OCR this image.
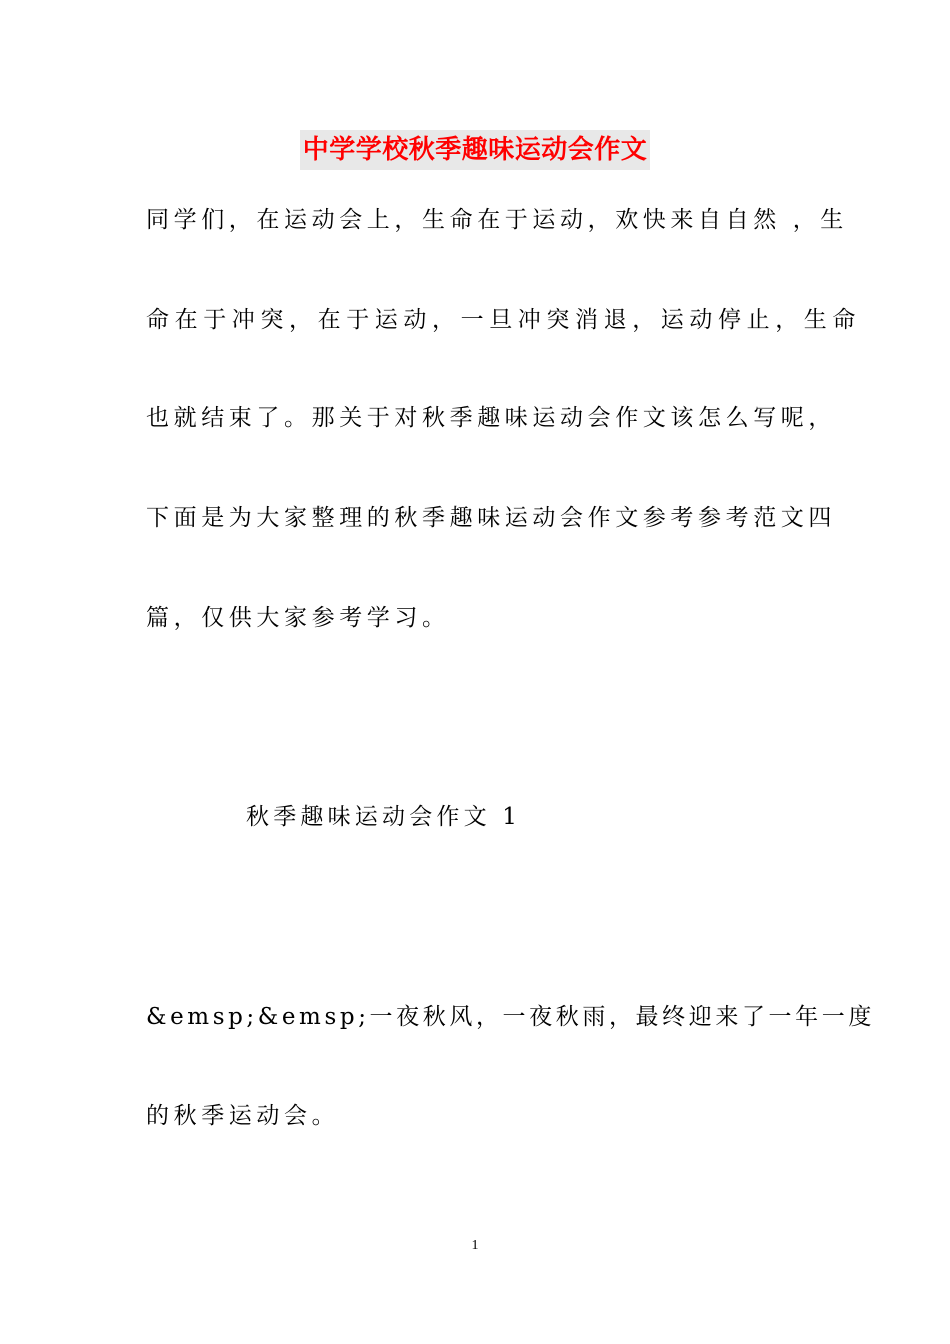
中学学校秋季趣味运动会作文

同学们，在运动会上，生命在于运动，欢快来自自然 ，生

命在于冲突，在于运动，一旦冲突消退，运动停止，生命

也就结束了。那关于对秋季趣味运动会作文该怎么写呢，

下面是为大家整理的秋季趣味运动会作文参考参考范文四

篇，仅供大家参考学习。

秋季趣味运动会作文 1

&emsp;&emsp;一夜秋风，一夜秋雨，最终迎来了一年一度

的秋季运动会。

1
